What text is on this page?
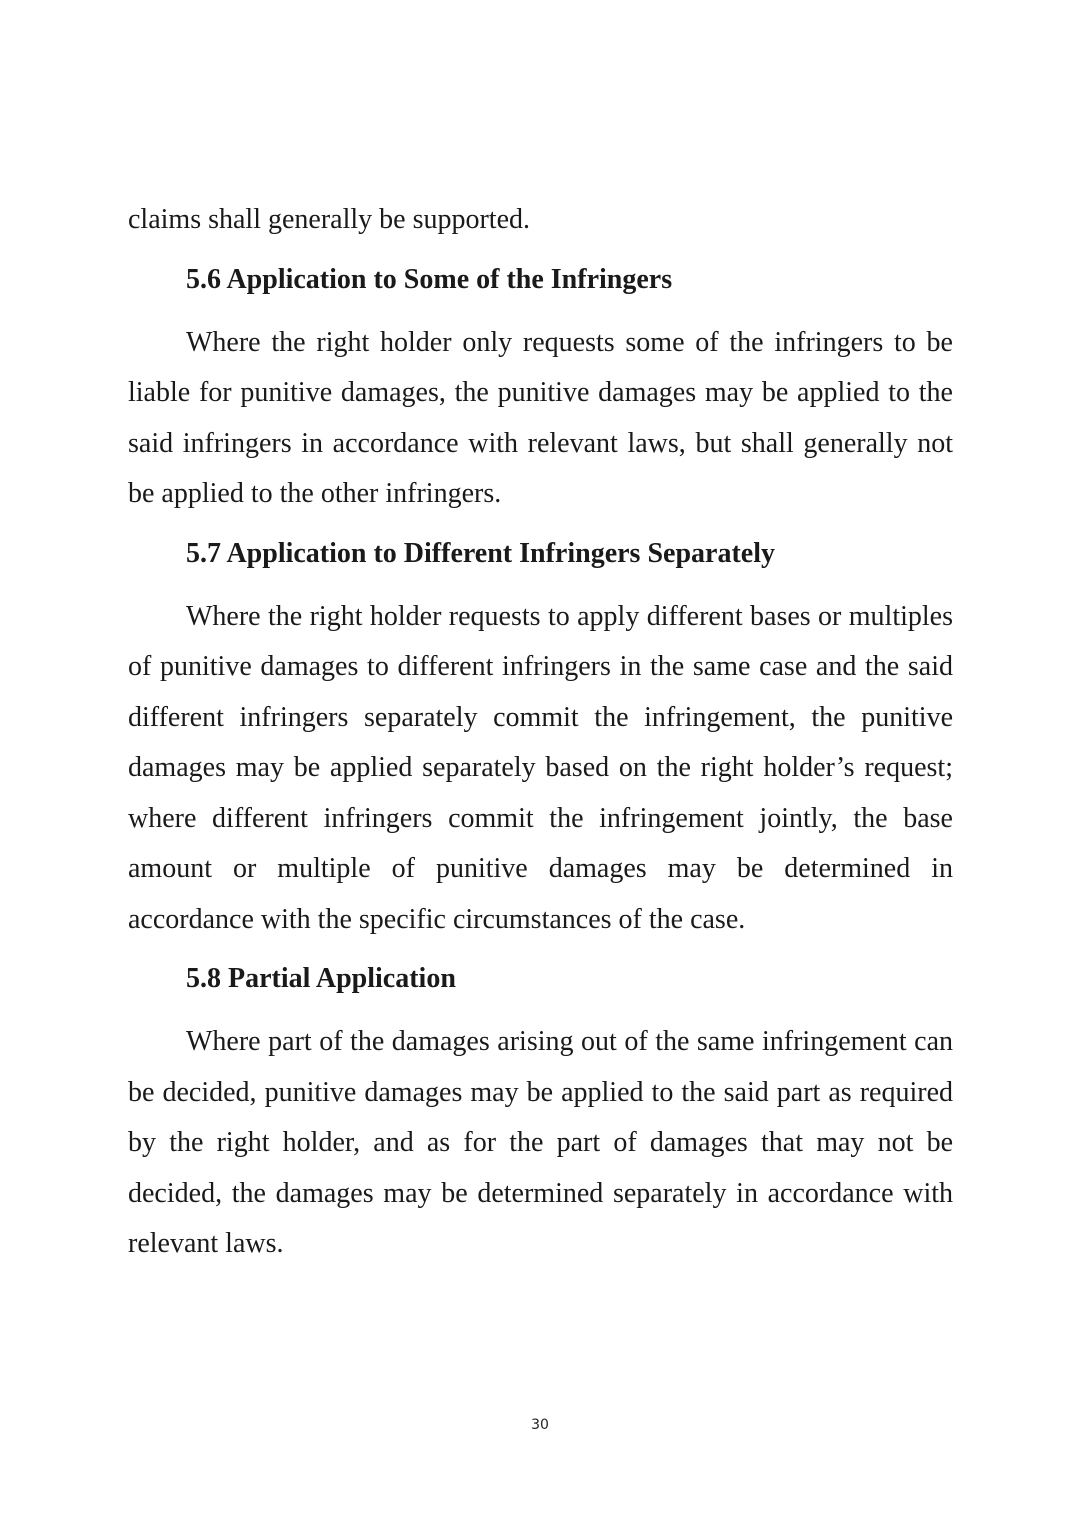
claims shall generally be supported.

5.6 Application to Some of the Infringers

Where the right holder only requests some of the infringers to be liable for punitive damages, the punitive damages may be applied to the said infringers in accordance with relevant laws, but shall generally not be applied to the other infringers.

5.7 Application to Different Infringers Separately

Where the right holder requests to apply different bases or multiples of punitive damages to different infringers in the same case and the said different infringers separately commit the infringement, the punitive damages may be applied separately based on the right holder’s request; where different infringers commit the infringement jointly, the base amount or multiple of punitive damages may be determined in accordance with the specific circumstances of the case.

5.8 Partial Application

Where part of the damages arising out of the same infringement can be decided, punitive damages may be applied to the said part as required by the right holder, and as for the part of damages that may not be decided, the damages may be determined separately in accordance with relevant laws.

30
